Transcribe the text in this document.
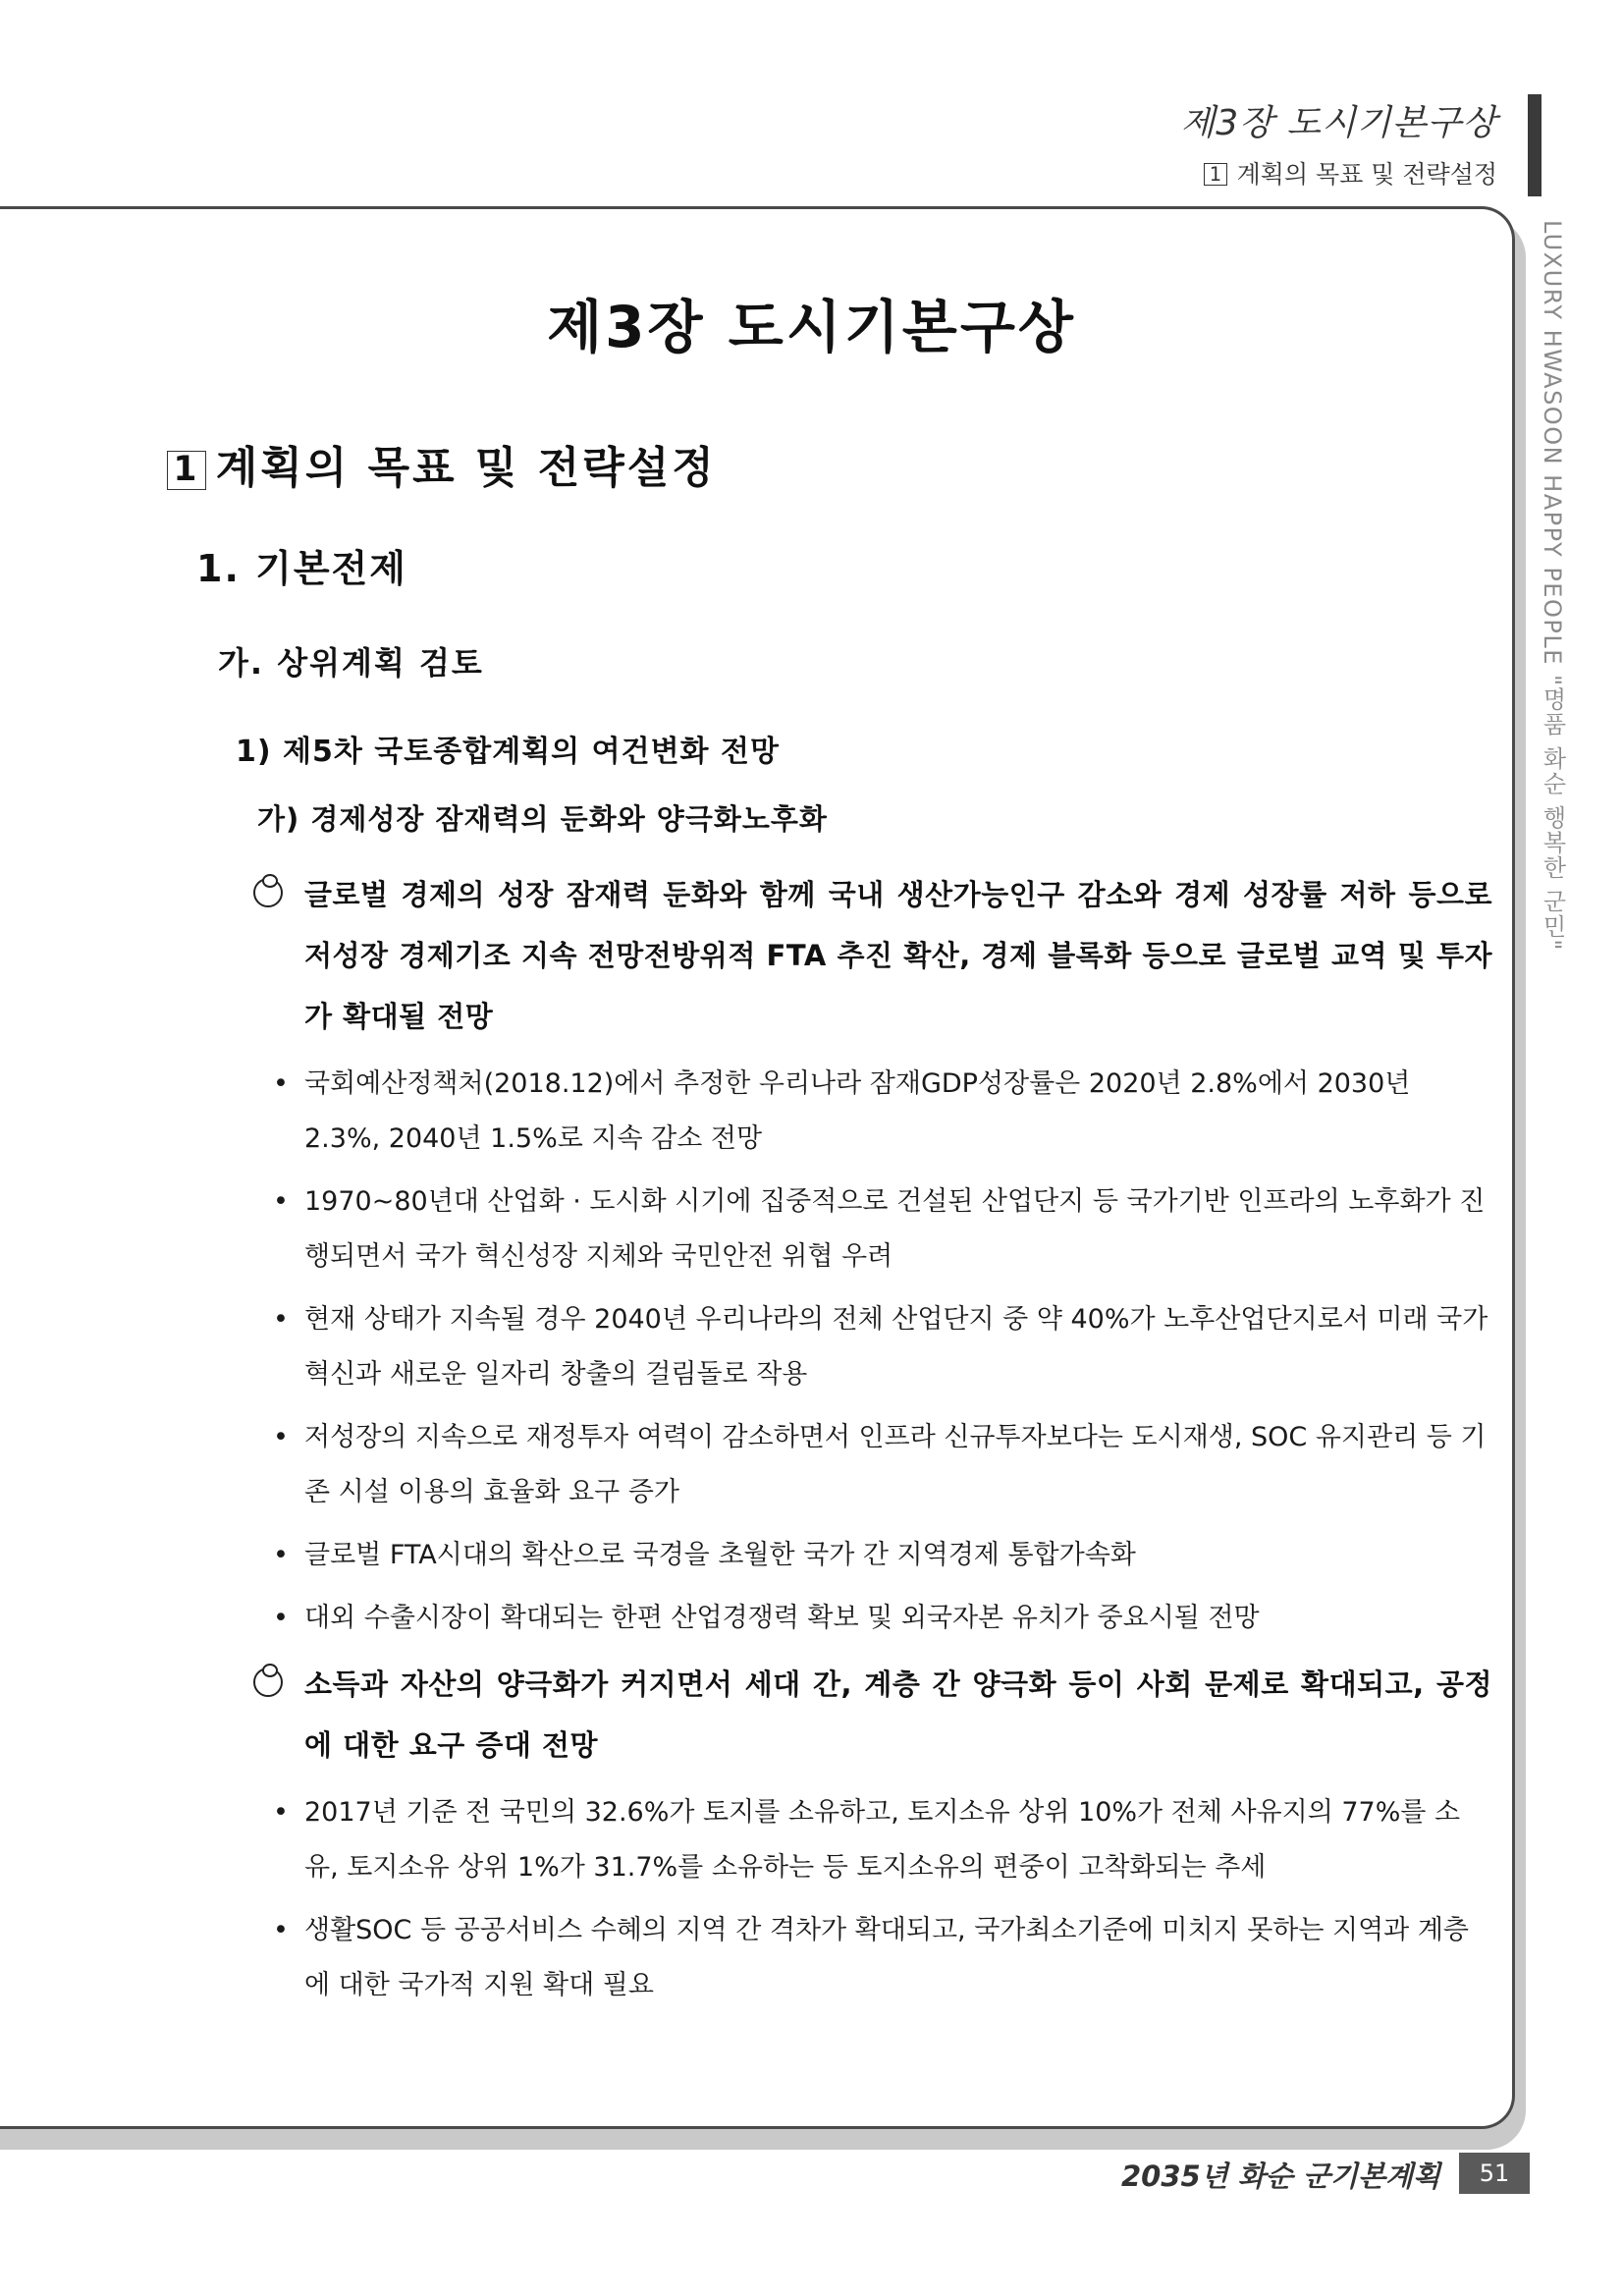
제3장 도시기본구상
1 계획의 목표 및 전략설정
LUXURY HWASOON HAPPY PEOPLE "명품 화순 행복한 군민"
제3장 도시기본구상
1 계획의 목표 및 전략설정
1. 기본전제
가. 상위계획 검토
1) 제5차 국토종합계획의 여건변화 전망
가) 경제성장 잠재력의 둔화와 양극화노후화
글로벌 경제의 성장 잠재력 둔화와 함께 국내 생산가능인구 감소와 경제 성장률 저하 등으로 저성장 경제기조 지속 전망전방위적 FTA 추진 확산, 경제 블록화 등으로 글로벌 교역 및 투자가 확대될 전망
• 국회예산정책처(2018.12)에서 추정한 우리나라 잠재GDP성장률은 2020년 2.8%에서 2030년 2.3%, 2040년 1.5%로 지속 감소 전망
• 1970~80년대 산업화 · 도시화 시기에 집중적으로 건설된 산업단지 등 국가기반 인프라의 노후화가 진행되면서 국가 혁신성장 지체와 국민안전 위협 우려
• 현재 상태가 지속될 경우 2040년 우리나라의 전체 산업단지 중 약 40%가 노후산업단지로서 미래 국가혁신과 새로운 일자리 창출의 걸림돌로 작용
• 저성장의 지속으로 재정투자 여력이 감소하면서 인프라 신규투자보다는 도시재생, SOC 유지관리 등 기존 시설 이용의 효율화 요구 증가
• 글로벌 FTA시대의 확산으로 국경을 초월한 국가 간 지역경제 통합가속화
• 대외 수출시장이 확대되는 한편 산업경쟁력 확보 및 외국자본 유치가 중요시될 전망
소득과 자산의 양극화가 커지면서 세대 간, 계층 간 양극화 등이 사회 문제로 확대되고, 공정에 대한 요구 증대 전망
• 2017년 기준 전 국민의 32.6%가 토지를 소유하고, 토지소유 상위 10%가 전체 사유지의 77%를 소유, 토지소유 상위 1%가 31.7%를 소유하는 등 토지소유의 편중이 고착화되는 추세
• 생활SOC 등 공공서비스 수혜의 지역 간 격차가 확대되고, 국가최소기준에 미치지 못하는 지역과 계층에 대한 국가적 지원 확대 필요
2035년 화순 군기본계획	51
